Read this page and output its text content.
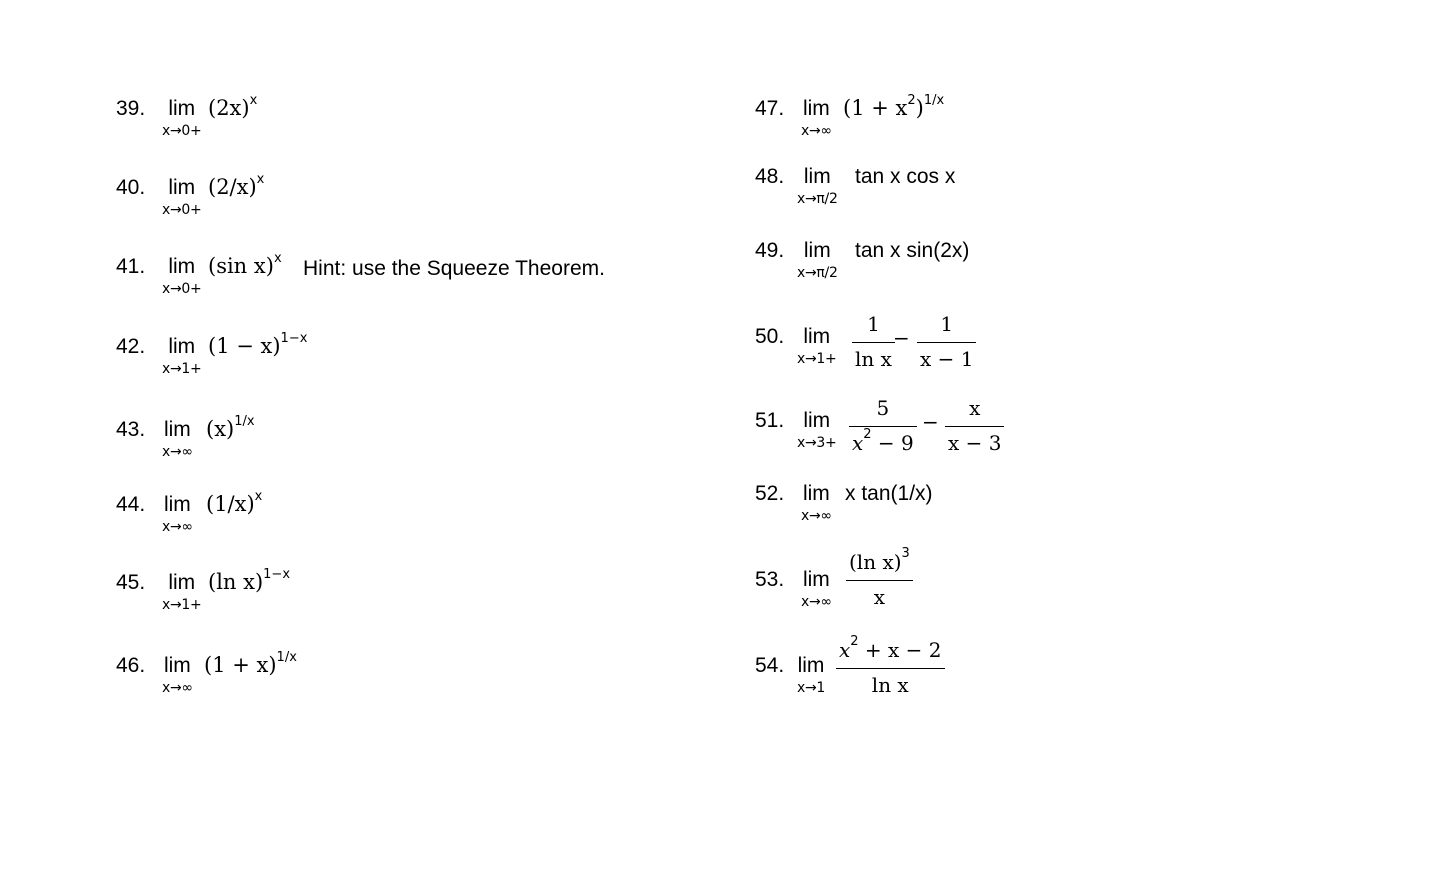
39.	lim
x→0+
$(2x)^x$
40.	lim
x→0+
$(2/x)^x$
41.	lim
x→0+
(sin x)$^x$ Hint: use the Squeeze Theorem.
42.	lim
x→1+
$(1 - x)^{1-x}$
43. lim
x→∞
$(x)^{1/x}$
44. lim
x→∞
$(1/x)^x$
45.	lim
x→1+
(ln x)$^{1-x}$
46. lim
x→∞
$(1 + x)^{1/x}$
47. lim
x→∞
$(1 + x^2)^{1/x}$
48. lim
x→π/2
tan x cos x
49. lim
x→π/2
tan x sin(2x)
50. lim
x→1+
1
ln x
−
1
x − 1
51. lim
x→3+
5
$x^2 - 9$
−
x
x − 3
52. lim
x→∞
x tan(1/x)
53. lim
x→∞
(ln x)$^3$
x
54. lim
x→1
$x^2 + x - 2$
ln x
